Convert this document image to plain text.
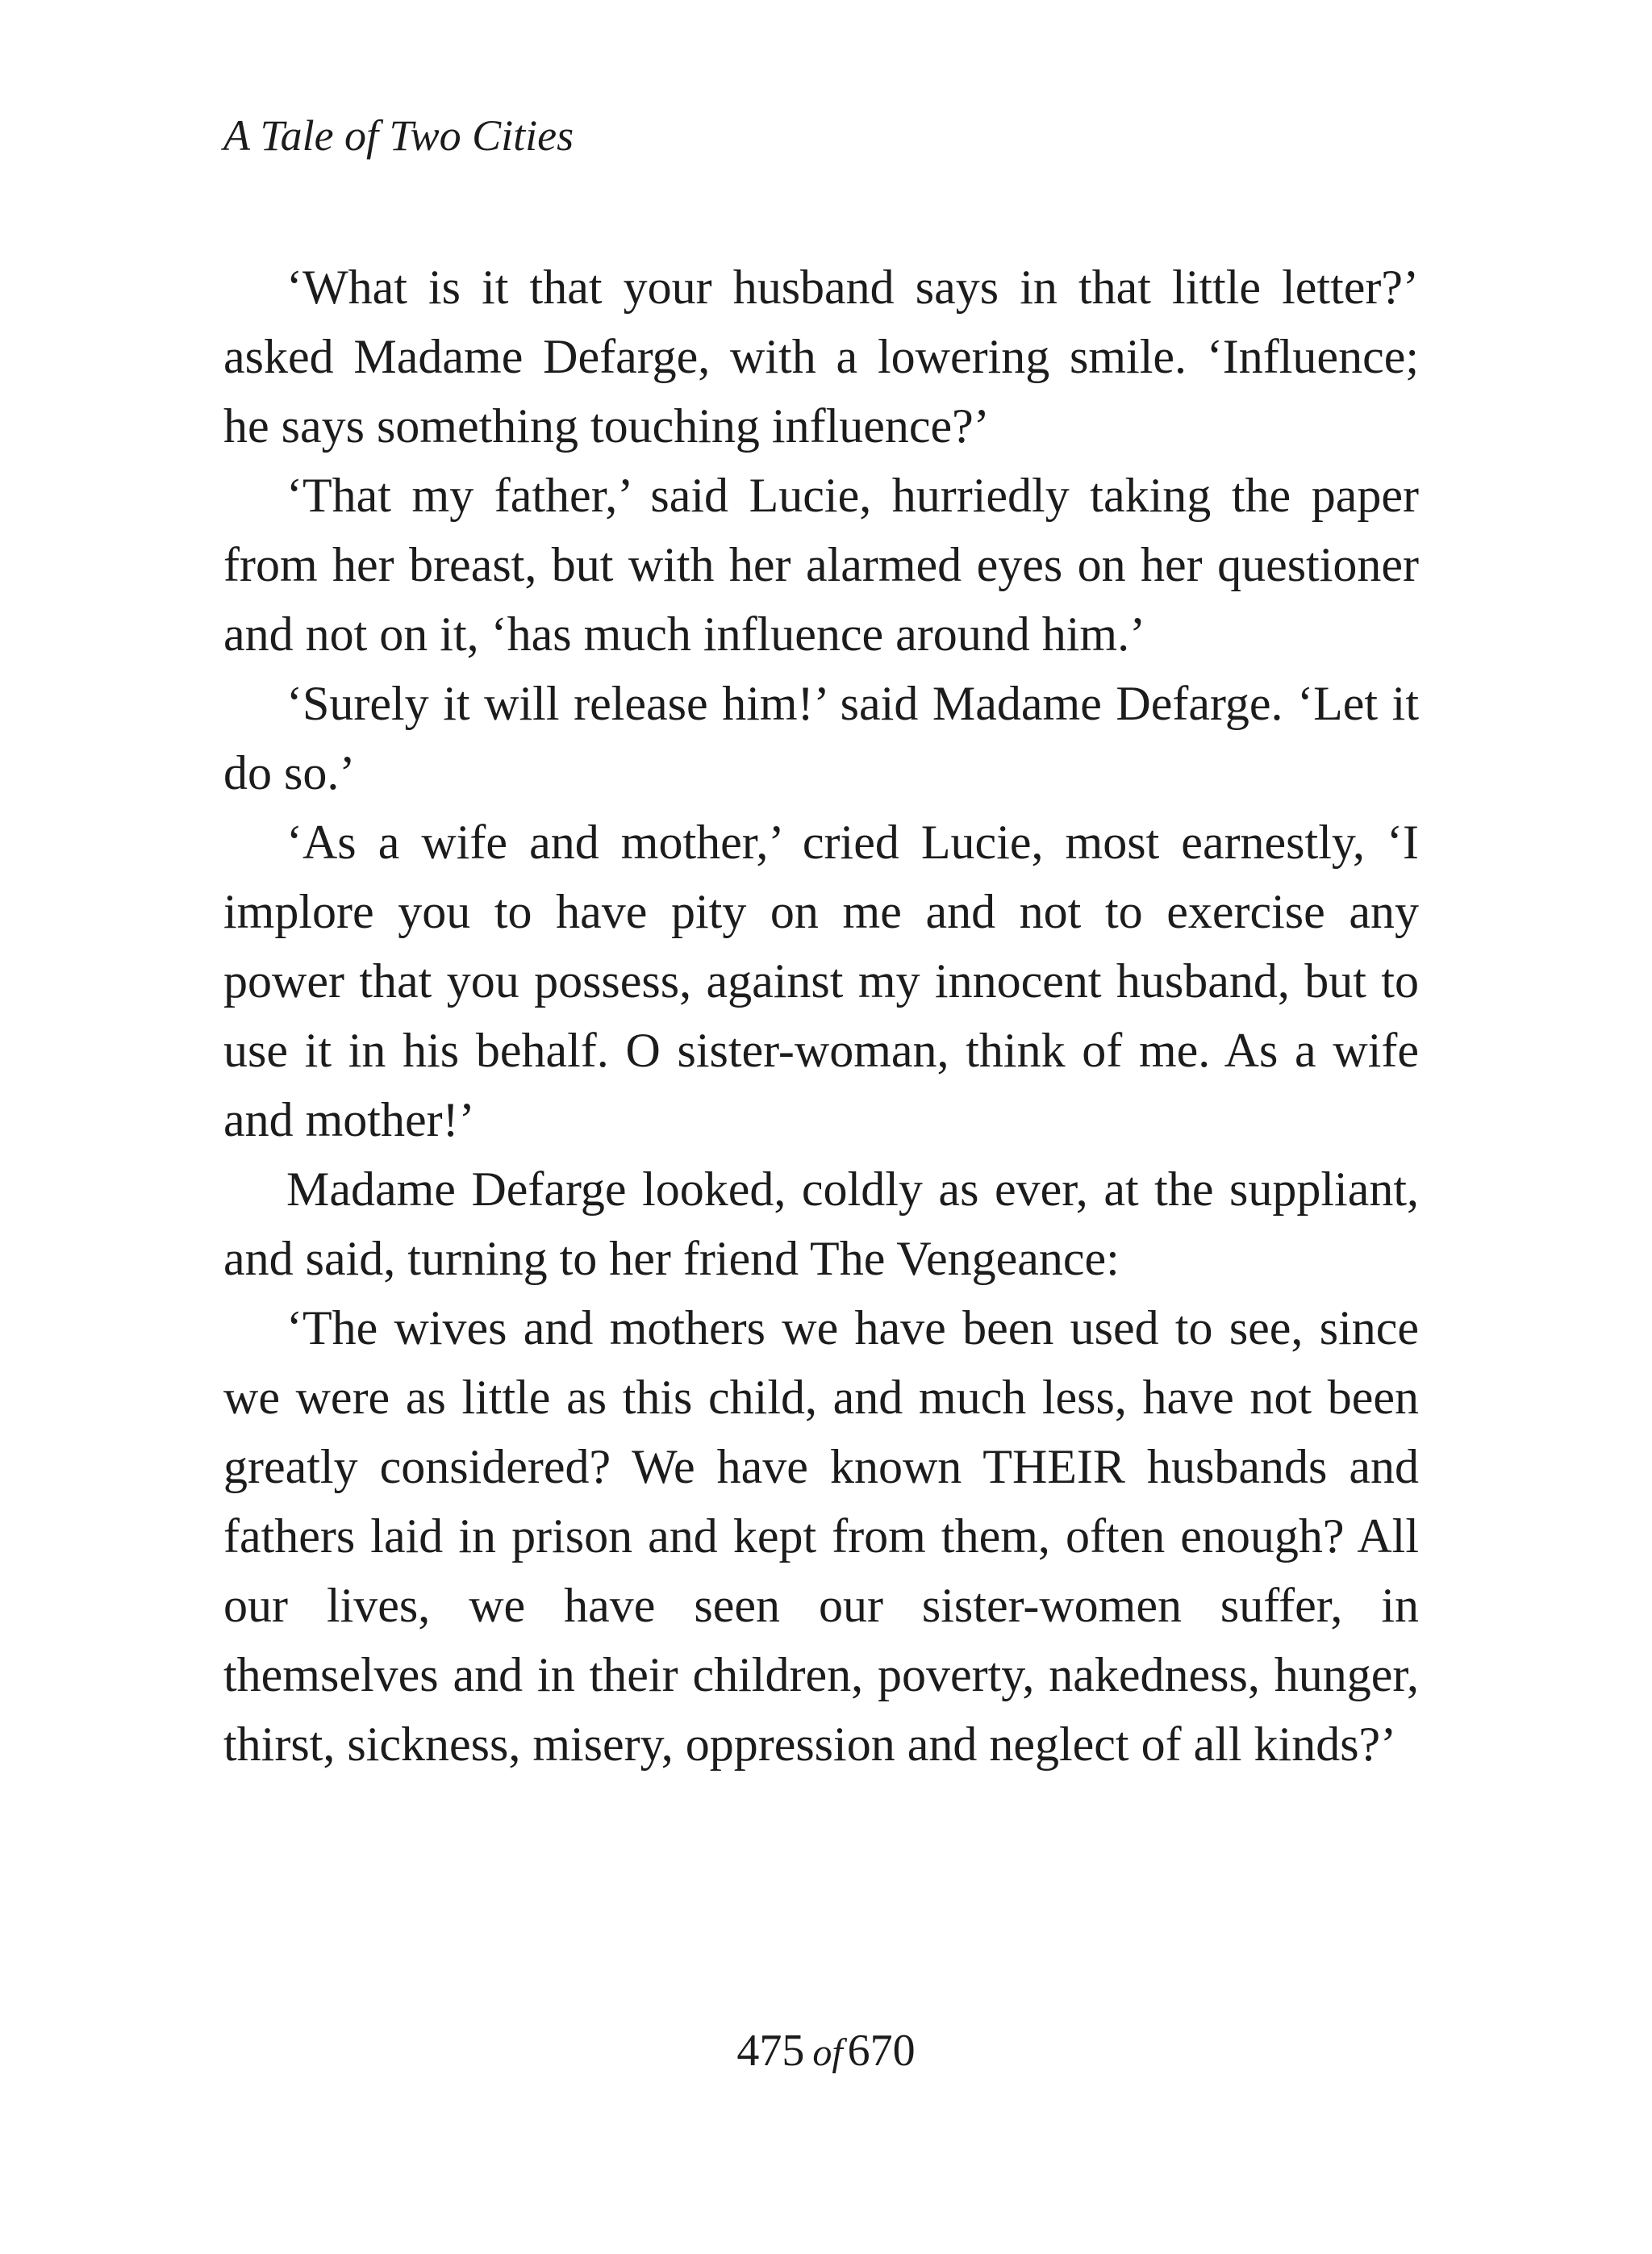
A Tale of Two Cities

‘What is it that your husband says in that little letter?’ asked Madame Defarge, with a lowering smile. ‘Influence; he says something touching influence?’

‘That my father,’ said Lucie, hurriedly taking the paper from her breast, but with her alarmed eyes on her questioner and not on it, ‘has much influence around him.’

‘Surely it will release him!’ said Madame Defarge. ‘Let it do so.’

‘As a wife and mother,’ cried Lucie, most earnestly, ‘I implore you to have pity on me and not to exercise any power that you possess, against my innocent husband, but to use it in his behalf. O sister-woman, think of me. As a wife and mother!’

Madame Defarge looked, coldly as ever, at the suppliant, and said, turning to her friend The Vengeance:

‘The wives and mothers we have been used to see, since we were as little as this child, and much less, have not been greatly considered? We have known THEIR husbands and fathers laid in prison and kept from them, often enough? All our lives, we have seen our sister-women suffer, in themselves and in their children, poverty, nakedness, hunger, thirst, sickness, misery, oppression and neglect of all kinds?’

475 of 670
